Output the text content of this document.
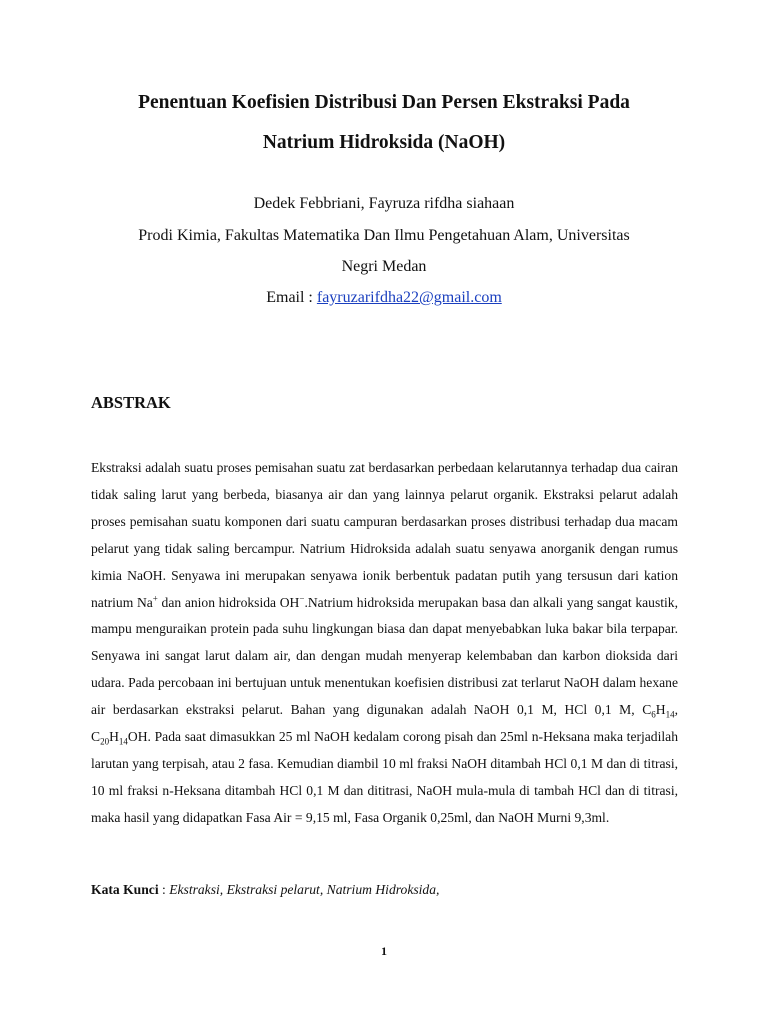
Penentuan Koefisien Distribusi Dan Persen Ekstraksi Pada
Natrium Hidroksida (NaOH)
Dedek Febbriani, Fayruza rifdha siahaan
Prodi Kimia, Fakultas Matematika Dan Ilmu Pengetahuan Alam, Universitas
Negri Medan
Email : fayruzarifdha22@gmail.com
ABSTRAK
Ekstraksi adalah suatu proses pemisahan suatu zat berdasarkan perbedaan kelarutannya terhadap dua cairan tidak saling larut yang berbeda, biasanya air dan yang lainnya pelarut organik. Ekstraksi pelarut adalah proses pemisahan suatu komponen dari suatu campuran berdasarkan proses distribusi terhadap dua macam pelarut yang tidak saling bercampur. Natrium Hidroksida adalah suatu senyawa anorganik dengan rumus kimia NaOH. Senyawa ini merupakan senyawa ionik berbentuk padatan putih yang tersusun dari kation natrium Na+ dan anion hidroksida OH−.Natrium hidroksida merupakan basa dan alkali yang sangat kaustik, mampu menguraikan protein pada suhu lingkungan biasa dan dapat menyebabkan luka bakar bila terpapar. Senyawa ini sangat larut dalam air, dan dengan mudah menyerap kelembaban dan karbon dioksida dari udara. Pada percobaan ini bertujuan untuk menentukan koefisien distribusi zat terlarut NaOH dalam hexane air berdasarkan ekstraksi pelarut. Bahan yang digunakan adalah NaOH 0,1 M, HCl 0,1 M, $C_6H_{14}$, $C_{20}H_{14}OH$. Pada saat dimasukkan 25 ml NaOH kedalam corong pisah dan 25ml n-Heksana maka terjadilah larutan yang terpisah, atau 2 fasa. Kemudian diambil 10 ml fraksi NaOH ditambah HCl 0,1 M dan di titrasi, 10 ml fraksi n-Heksana ditambah HCl 0,1 M dan dititrasi, NaOH mula-mula di tambah HCl dan di titrasi, maka hasil yang didapatkan Fasa Air = 9,15 ml, Fasa Organik 0,25ml, dan NaOH Murni 9,3ml.
Kata Kunci : Ekstraksi, Ekstraksi pelarut, Natrium Hidroksida,
1
